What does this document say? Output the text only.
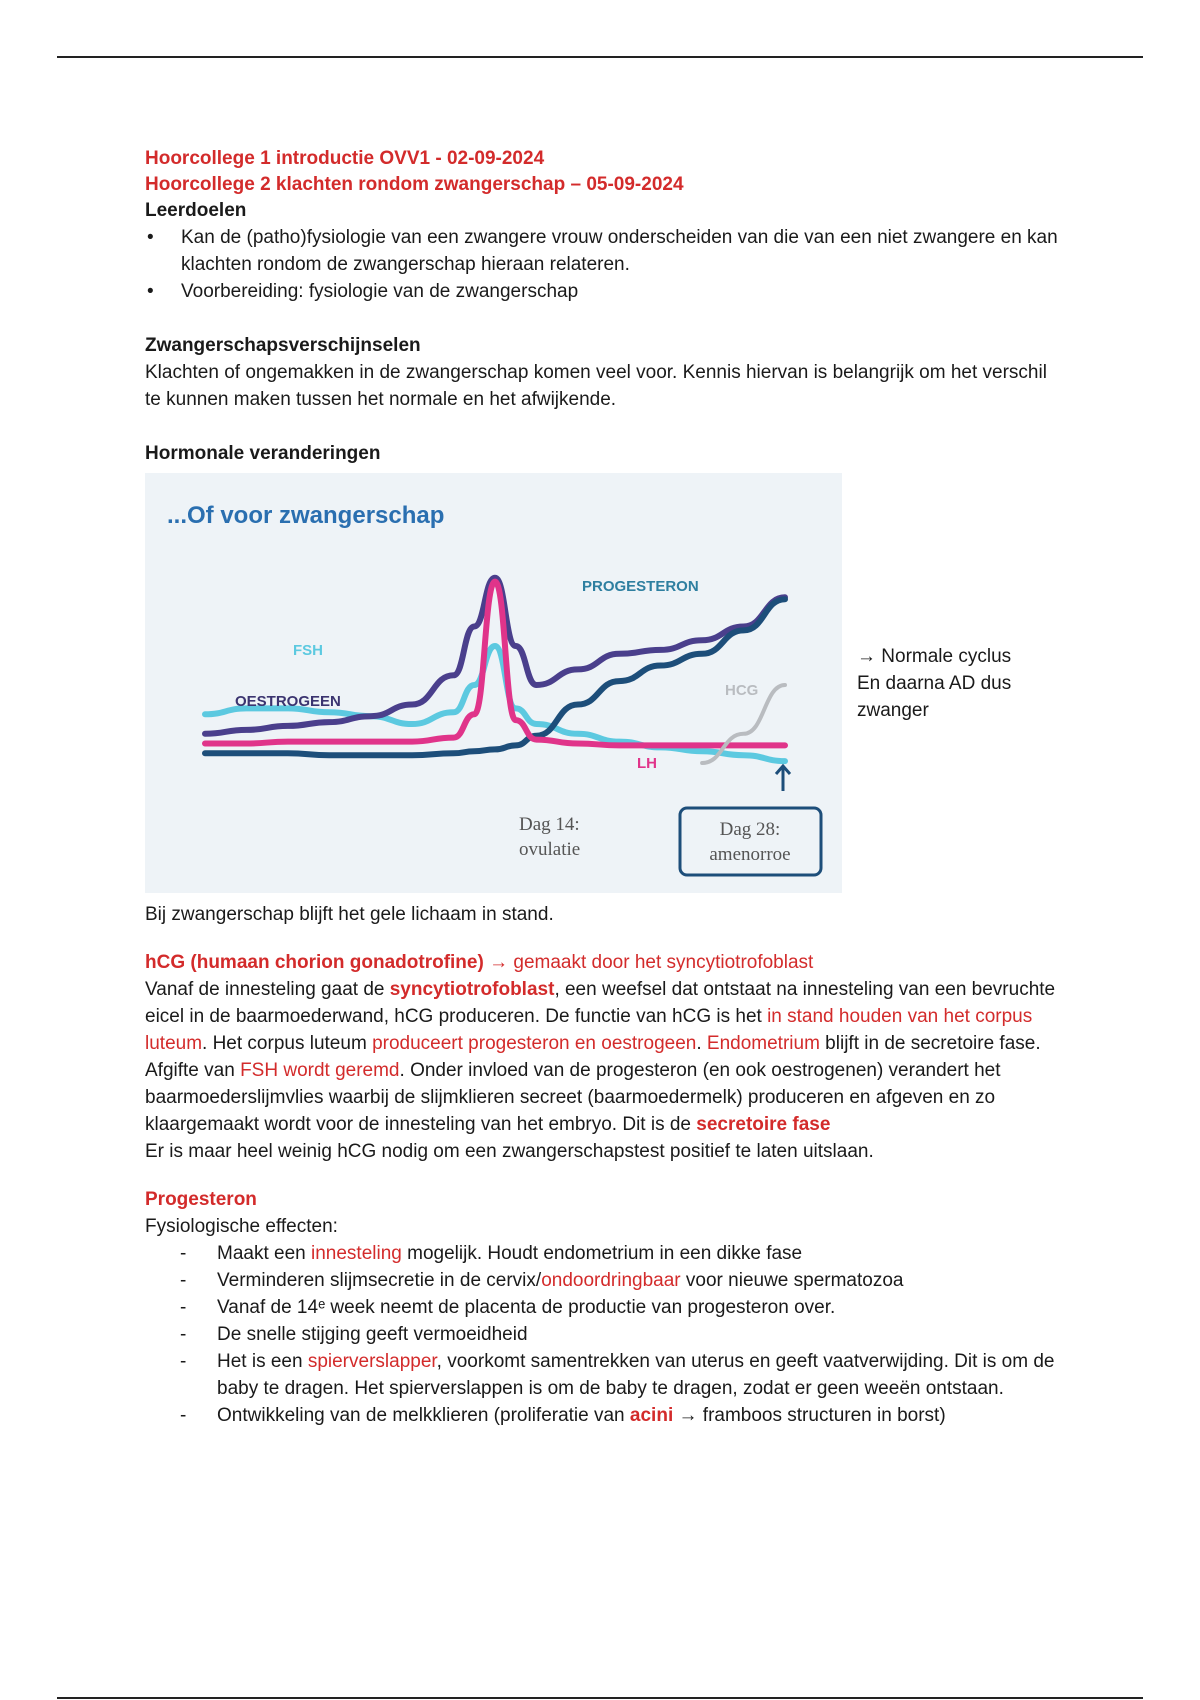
Hoorcollege 1 introductie OVV1 - 02-09-2024

Hoorcollege 2 klachten rondom zwangerschap – 05-09-2024

Leerdoelen

• Kan de (patho)fysiologie van een zwangere vrouw onderscheiden van die van een niet zwangere en kan klachten rondom de zwangerschap hieraan relateren.
• Voorbereiding: fysiologie van de zwangerschap

Zwangerschapsverschijnselen

Klachten of ongemakken in de zwangerschap komen veel voor. Kennis hiervan is belangrijk om het verschil te kunnen maken tussen het normale en het afwijkende.

Hormonale veranderingen

...Of voor zwangerschap
FSH
OESTROGEEN
PROGESTERON
HCG
LH
Dag 14:
ovulatie
Dag 28:
amenorroe
→ Normale cyclus
En daarna AD dus zwanger

Bij zwangerschap blijft het gele lichaam in stand.

hCG (humaan chorion gonadotrofine) → gemaakt door het syncytiotrofoblast

Vanaf de innesteling gaat de syncytiotrofoblast, een weefsel dat ontstaat na innesteling van een bevruchte eicel in de baarmoederwand, hCG produceren. De functie van hCG is het in stand houden van het corpus luteum. Het corpus luteum produceert progesteron en oestrogeen. Endometrium blijft in de secretoire fase. Afgifte van FSH wordt geremd. Onder invloed van de progesteron (en ook oestrogenen) verandert het baarmoederslijmvlies waarbij de slijmklieren secreet (baarmoedermelk) produceren en afgeven en zo klaargemaakt wordt voor de innesteling van het embryo. Dit is de secretoire fase

Er is maar heel weinig hCG nodig om een zwangerschapstest positief te laten uitslaan.

Progesteron

Fysiologische effecten:

- Maakt een innesteling mogelijk. Houdt endometrium in een dikke fase
- Verminderen slijmsecretie in de cervix/ondoordringbaar voor nieuwe spermatozoa
- Vanaf de 14ᵉ week neemt de placenta de productie van progesteron over.
- De snelle stijging geeft vermoeidheid
- Het is een spierverslapper, voorkomt samentrekken van uterus en geeft vaatverwijding. Dit is om de baby te dragen. Het spierverslappen is om de baby te dragen, zodat er geen weeën ontstaan.
- Ontwikkeling van de melkklieren (proliferatie van acini → framboos structuren in borst)
